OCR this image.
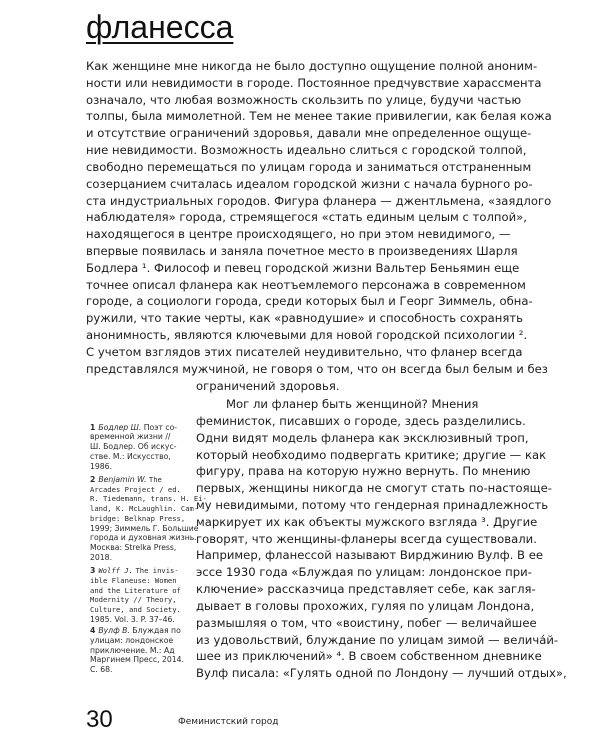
фланесса
Как женщине мне никогда не было доступно ощущение полной аноним-
ности или невидимости в городе. Постоянное предчувствие харассмента
означало, что любая возможность скользить по улице, будучи частью
толпы, была мимолетной. Тем не менее такие привилегии, как белая кожа
и отсутствие ограничений здоровья, давали мне определенное ощуще-
ние невидимости. Возможность идеально слиться с городской толпой,
свободно перемещаться по улицам города и заниматься отстраненным
созерцанием считалась идеалом городской жизни с начала бурного ро-
ста индустриальных городов. Фигура фланера — джентльмена, «заядлого
наблюдателя» города, стремящегося «стать единым целым с толпой»,
находящегося в центре происходящего, но при этом невидимого, —
впервые появилась и заняла почетное место в произведениях Шарля
Бодлера ¹. Философ и певец городской жизни Вальтер Беньямин еще
точнее описал фланера как неотъемлемого персонажа в современном
городе, а социологи города, среди которых был и Георг Зиммель, обна-
ружили, что такие черты, как «равнодушие» и способность сохранять
анонимность, являются ключевыми для новой городской психологии ².
С учетом взглядов этих писателей неудивительно, что фланер всегда
представлялся мужчиной, не говоря о том, что он всегда был белым и без
ограничений здоровья.
Мог ли фланер быть женщиной? Мнения
феминисток, писавших о городе, здесь разделились.
Одни видят модель фланера как эксклюзивный троп,
который необходимо подвергать критике; другие — как
фигуру, права на которую нужно вернуть. По мнению
первых, женщины никогда не смогут стать по-настояще-
му невидимыми, потому что гендерная принадлежность
маркирует их как объекты мужского взгляда ³. Другие
говорят, что женщины-фланеры всегда существовали.
Например, фланессой называют Вирджинию Вулф. В ее
эссе 1930 года «Блуждая по улицам: лондонское при-
ключение» рассказчица представляет себе, как загля-
дывает в головы прохожих, гуляя по улицам Лондона,
размышляя о том, что «воистину, побег — величайшее
из удовольствий, блуждание по улицам зимой — велича́й-
шее из приключений» ⁴. В своем собственном дневнике
Вулф писала: «Гулять одной по Лондону — лучший отдых»,
1 Бодлер Ш. Поэт со-
временной жизни //
Ш. Бодлер. Об искус-
стве. М.: Искусство,
1986.
2 Benjamin W. The
Arcades Project / ed.
R. Tiedemann, trans. H. Ei-
land, K. McLaughlin. Cam-
bridge: Belknap Press,
1999; Зиммель Г. Большие
города и духовная жизнь.
Москва: Strelka Press,
2018.
3 Wolff J. The invis-
ible Flaneuse: Women
and the Literature of
Modernity // Theory,
Culture, and Society.
1985. Vol. 3. P. 37–46.
4 Вулф В. Блуждая по
улицам: лондонское
приключение. М.: Ад
Маргинем Пресс, 2014.
С. 68.
30	Феминистский город
